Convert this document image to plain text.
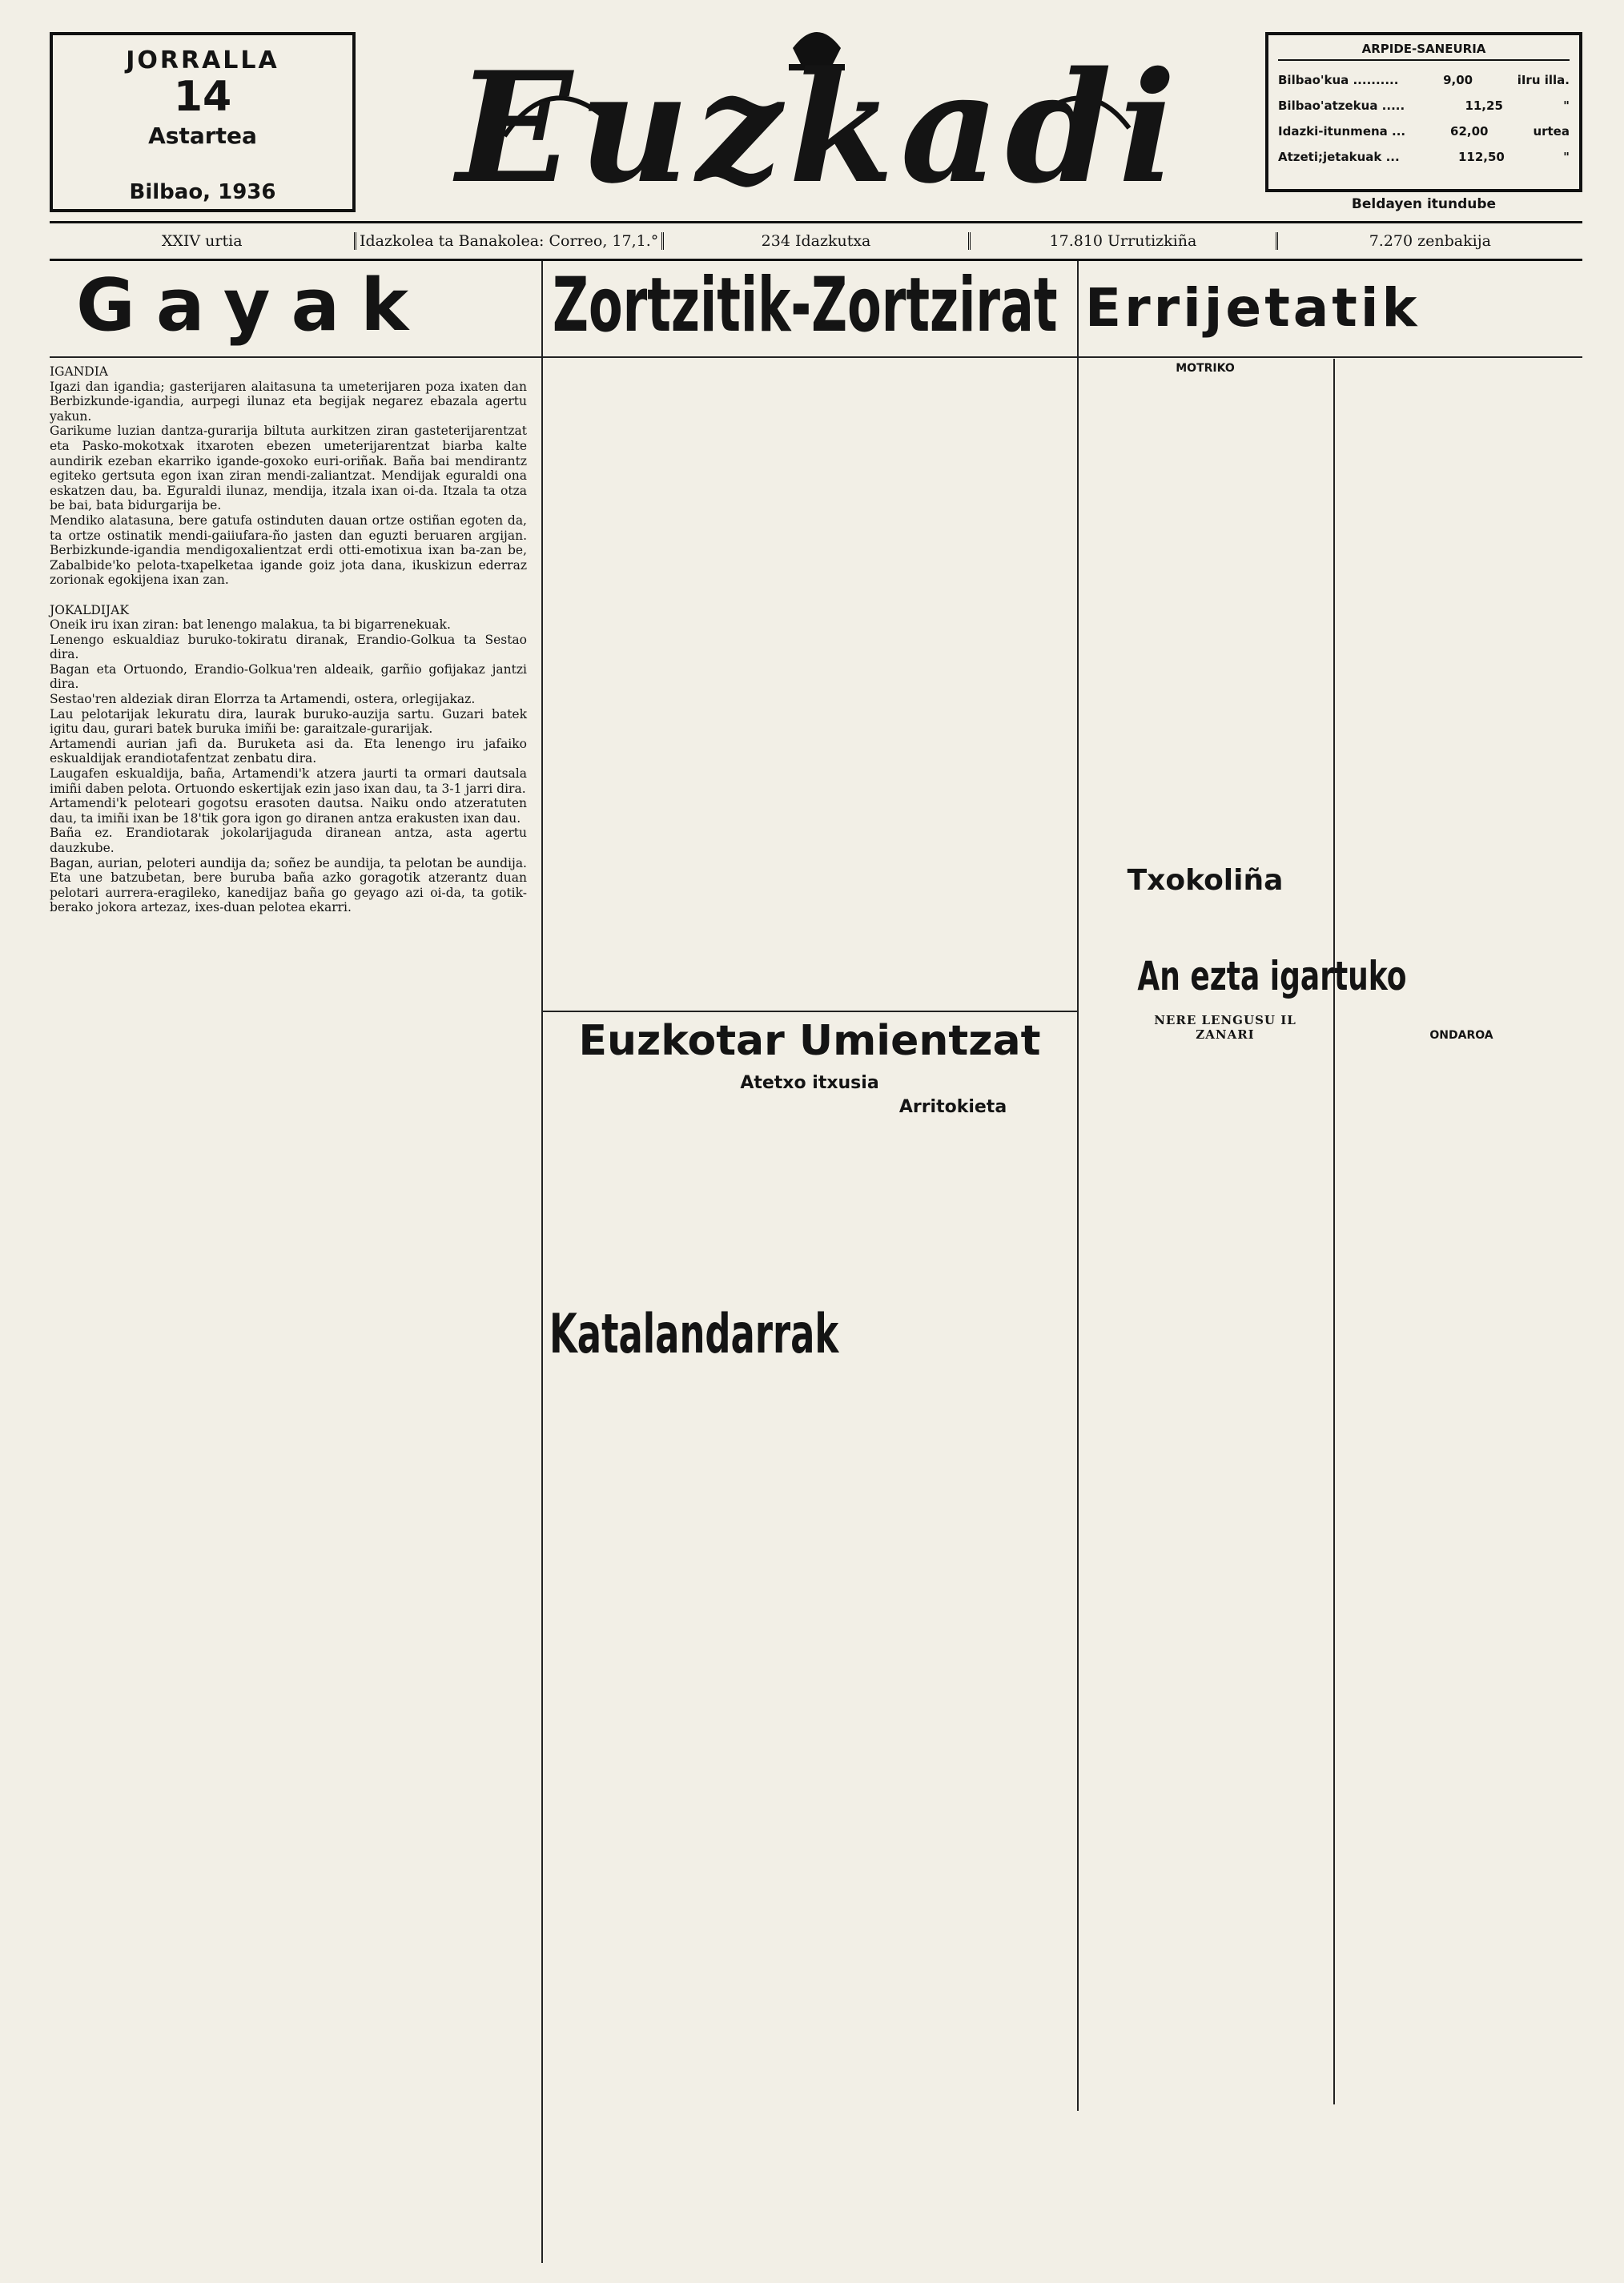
JORRALLA
14
Astartea
Bilbao, 1936	Euzkadi	ARPIDE-SANEURIA
Bilbao'kua ..........	9,00	iIru illa.
Bilbao'atzekua .....	11,25	"
Idazki-itunmena ...	62,00	urtea
Atzeti;jetakuak ...	112,50	"
Beldayen itundube
XXIV urtia	Idazkolea ta Banakolea: Correo, 17,1.°	234 Idazkutxa	17.810 Urrutizkiña	7.270 zenbakija
Gayak	Zortzitik-Zortzirat Errijetatik
IGANDIA
Igazi dan igandia; gasterijaren alaitasuna ta umeterijaren poza ixaten dan Berbizkunde-igandia, aurpegi ilunaz eta begijak negarez ebazala agertu yakun.
Garikume luzian dantza-gurarija biltuta aurkitzen ziran gasteterijarentzat eta Pasko-mokotxak itxaroten ebezen umeterijarentzat biarba kalte aundirik ezeban ekarriko igande-goxoko euri-oriñak. Baña bai mendirantz egiteko gertsuta egon ixan ziran mendi-zaliantzat. Mendijak eguraldi ona eskatzen dau, ba. Eguraldi ilunaz, mendija, itzala ixan oi-da. Itzala ta otza be bai, bata bidurgarija be.
Mendiko alatasuna, bere gatufa ostinduten dauan ortze ostiñan egoten da, ta ortze ostinatik mendi-gaiiufara-ño jasten dan eguzti beruaren argijan. Berbizkunde-igandia mendigoxalientzat erdi otti-emotixua ixan ba-zan be, Zabalbide'ko pelota-txapelketaa igande goiz jota dana, ikuskizun ederraz zorionak egokijena ixan zan.

JOKALDIJAK
Oneik iru ixan ziran: bat lenengo malakua, ta bi bigarrenekuak.
Lenengo eskualdiaz buruko-tokiratu diranak, Erandio-Golkua ta Sestao dira.
Bagan eta Ortuondo, Erandio-Golkua'ren aldeaik, garñio gofijakaz jantzi dira.
Sestao'ren aldeziak diran Elorrza ta Artamendi, ostera, orlegijakaz.
Lau pelotarijak lekuratu dira, laurak buruko-auzija sartu. Guzari batek igitu dau, gurari batek buruka imiñi be: garaitzale-gurarijak.
Artamendi aurian jafi da. Buruketa asi da. Eta lenengo iru jafaiko eskualdijak erandiotafentzat zenbatu dira.
Laugafen eskualdija, baña, Artamendi'k atzera jaurti ta ormari dautsala imiñi daben pelota. Ortuondo eskertijak ezin jaso ixan dau, ta 3-1 jarri dira.
Artamendi'k peloteari gogotsu erasoten dautsa. Naiku ondo atzeratuten dau, ta imiñi ixan be 18'tik gora igon go diranen antza erakusten ixan dau.
Baña ez. Erandiotarak jokolarijaguda diranean antza, asta agertu dauzkube.
Bagan, aurian, peloteri aundija da; soñez be aundija, ta pelotan be aundija. Eta une batzubetan, bere buruba baña azko goragotik atzerantz duan pelotari aurrera-eragileko, kanedijaz baña go geyago azi oi-da, ta gotik-berako jokora artezaz, ixes-duan pelotea ekarri.
Euzkotar Umientzat
Atetxo itxusia
Arritokieta
Katalandarrak
MOTRIKO
Txokoliña
An ezta igartuko
NERE LENGUSU IL
ZANARI	ONDAROA
